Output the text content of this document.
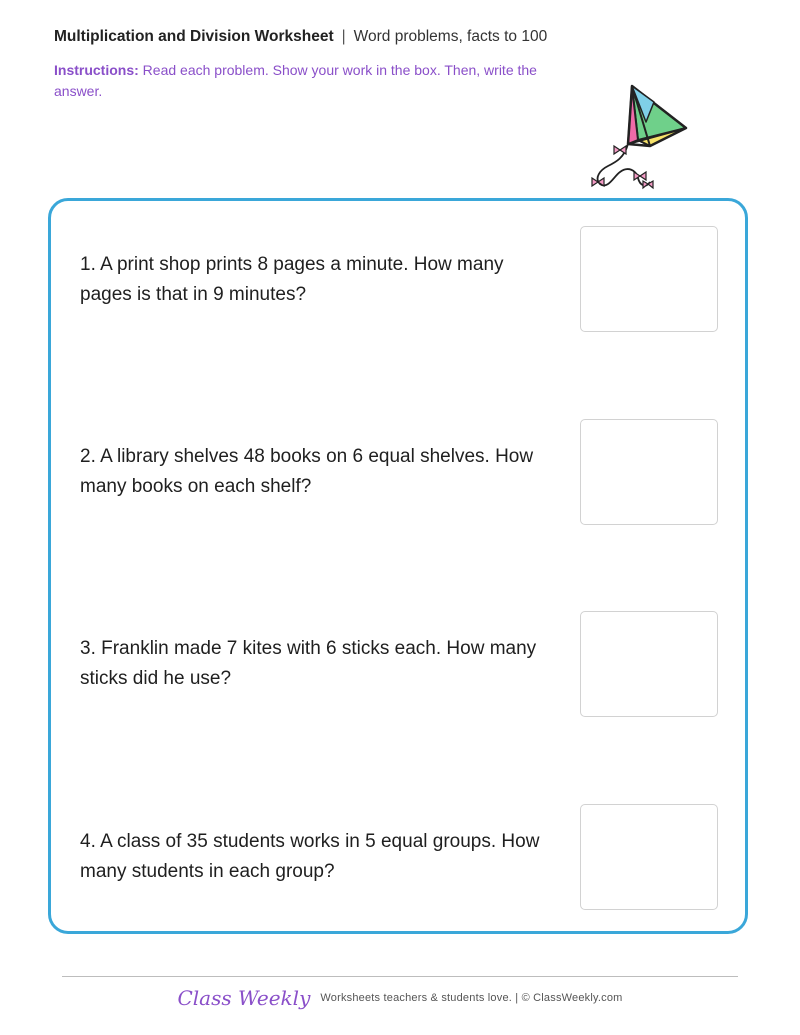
Multiplication and Division Worksheet | Word problems, facts to 100
Instructions: Read each problem. Show your work in the box. Then, write the answer.
1. A print shop prints 8 pages a minute. How many pages is that in 9 minutes?
2. A library shelves 48 books on 6 equal shelves. How many books on each shelf?
3. Franklin made 7 kites with 6 sticks each. How many sticks did he use?
4. A class of 35 students works in 5 equal groups. How many students in each group?
Class Weekly Worksheets teachers & students love. | © ClassWeekly.com
